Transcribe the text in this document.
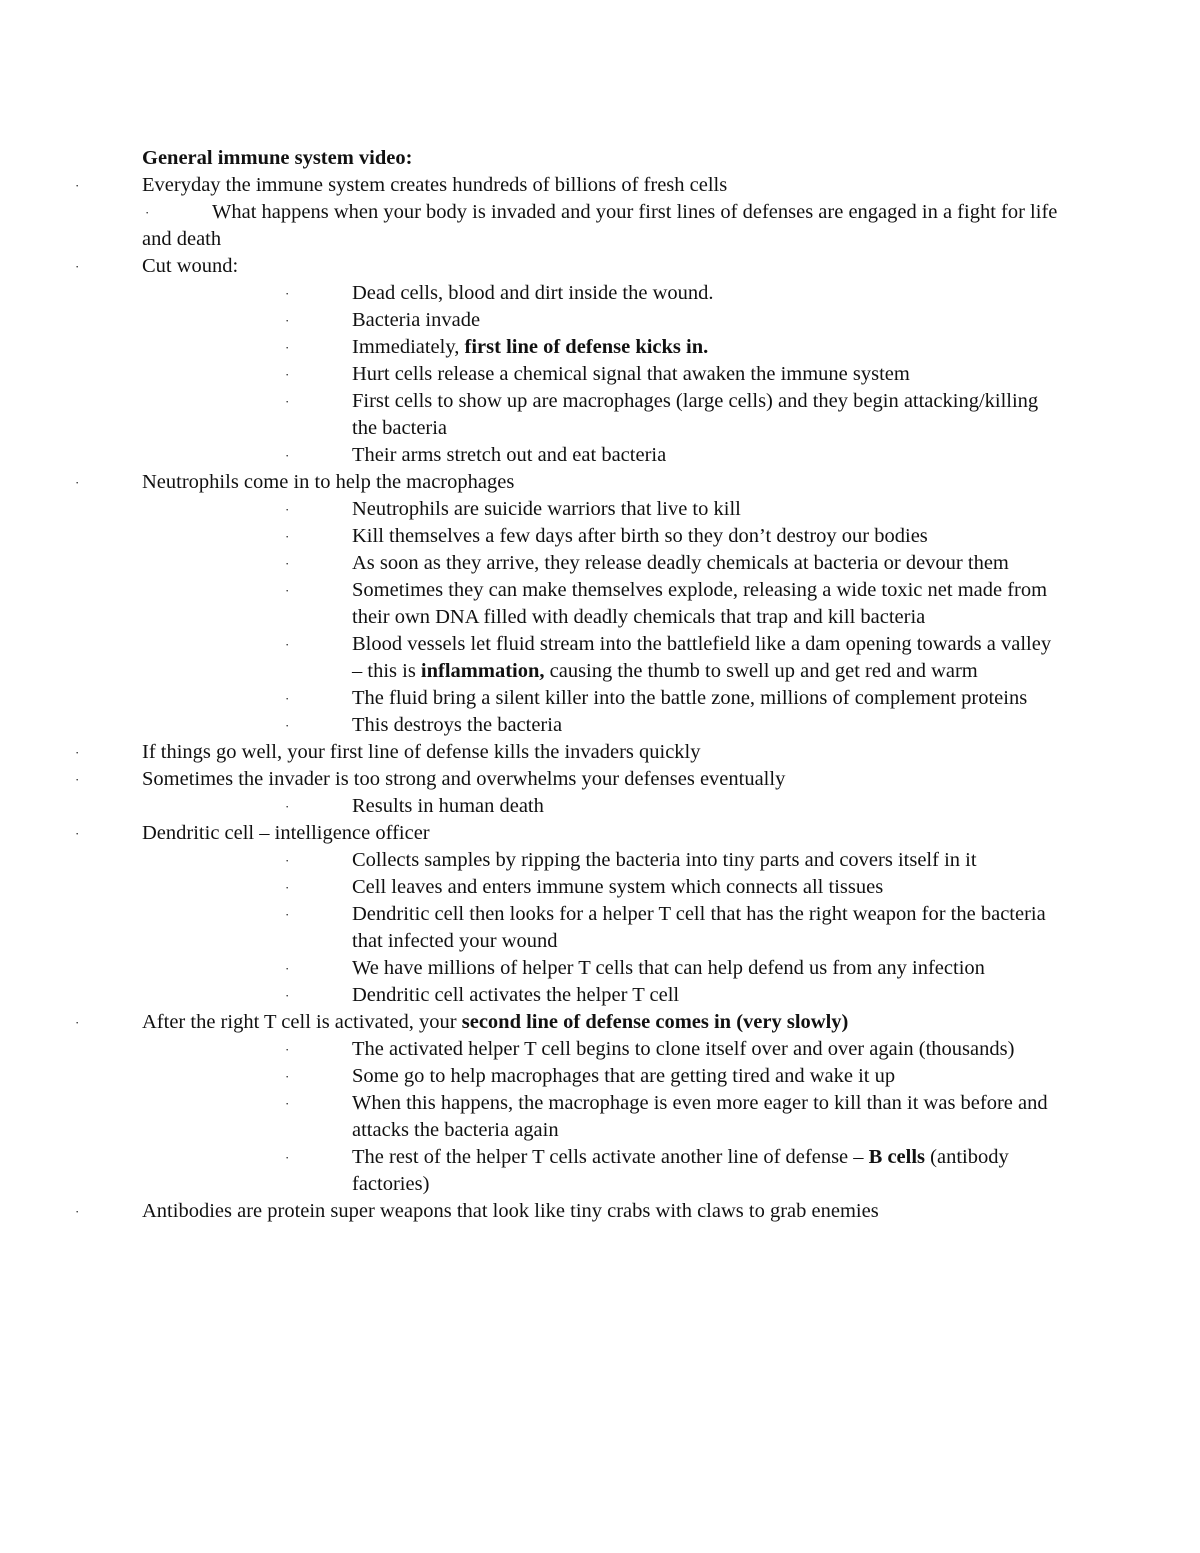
General immune system video:
·	Everyday the immune system creates hundreds of billions of fresh cells
·	What happens when your body is invaded and your first lines of defenses are engaged in a fight for life and death
·	Cut wound:
·	Dead cells, blood and dirt inside the wound.
·	Bacteria invade
·	Immediately, first line of defense kicks in.
·	Hurt cells release a chemical signal that awaken the immune system
·	First cells to show up are macrophages (large cells) and they begin attacking/killing the bacteria
·	Their arms stretch out and eat bacteria
·	Neutrophils come in to help the macrophages
·	Neutrophils are suicide warriors that live to kill
·	Kill themselves a few days after birth so they don’t destroy our bodies
·	As soon as they arrive, they release deadly chemicals at bacteria or devour them
·	Sometimes they can make themselves explode, releasing a wide toxic net made from their own DNA filled with deadly chemicals that trap and kill bacteria
·	Blood vessels let fluid stream into the battlefield like a dam opening towards a valley – this is inflammation, causing the thumb to swell up and get red and warm
·	The fluid bring a silent killer into the battle zone, millions of complement proteins
·	This destroys the bacteria
·	If things go well, your first line of defense kills the invaders quickly
·	Sometimes the invader is too strong and overwhelms your defenses eventually
·	Results in human death
·	Dendritic cell – intelligence officer
·	Collects samples by ripping the bacteria into tiny parts and covers itself in it
·	Cell leaves and enters immune system which connects all tissues
·	Dendritic cell then looks for a helper T cell that has the right weapon for the bacteria that infected your wound
·	We have millions of helper T cells that can help defend us from any infection
·	Dendritic cell activates the helper T cell
·	After the right T cell is activated, your second line of defense comes in (very slowly)
·	The activated helper T cell begins to clone itself over and over again (thousands)
·	Some go to help macrophages that are getting tired and wake it up
·	When this happens, the macrophage is even more eager to kill than it was before and attacks the bacteria again
·	The rest of the helper T cells activate another line of defense – B cells (antibody factories)
·	Antibodies are protein super weapons that look like tiny crabs with claws to grab enemies
